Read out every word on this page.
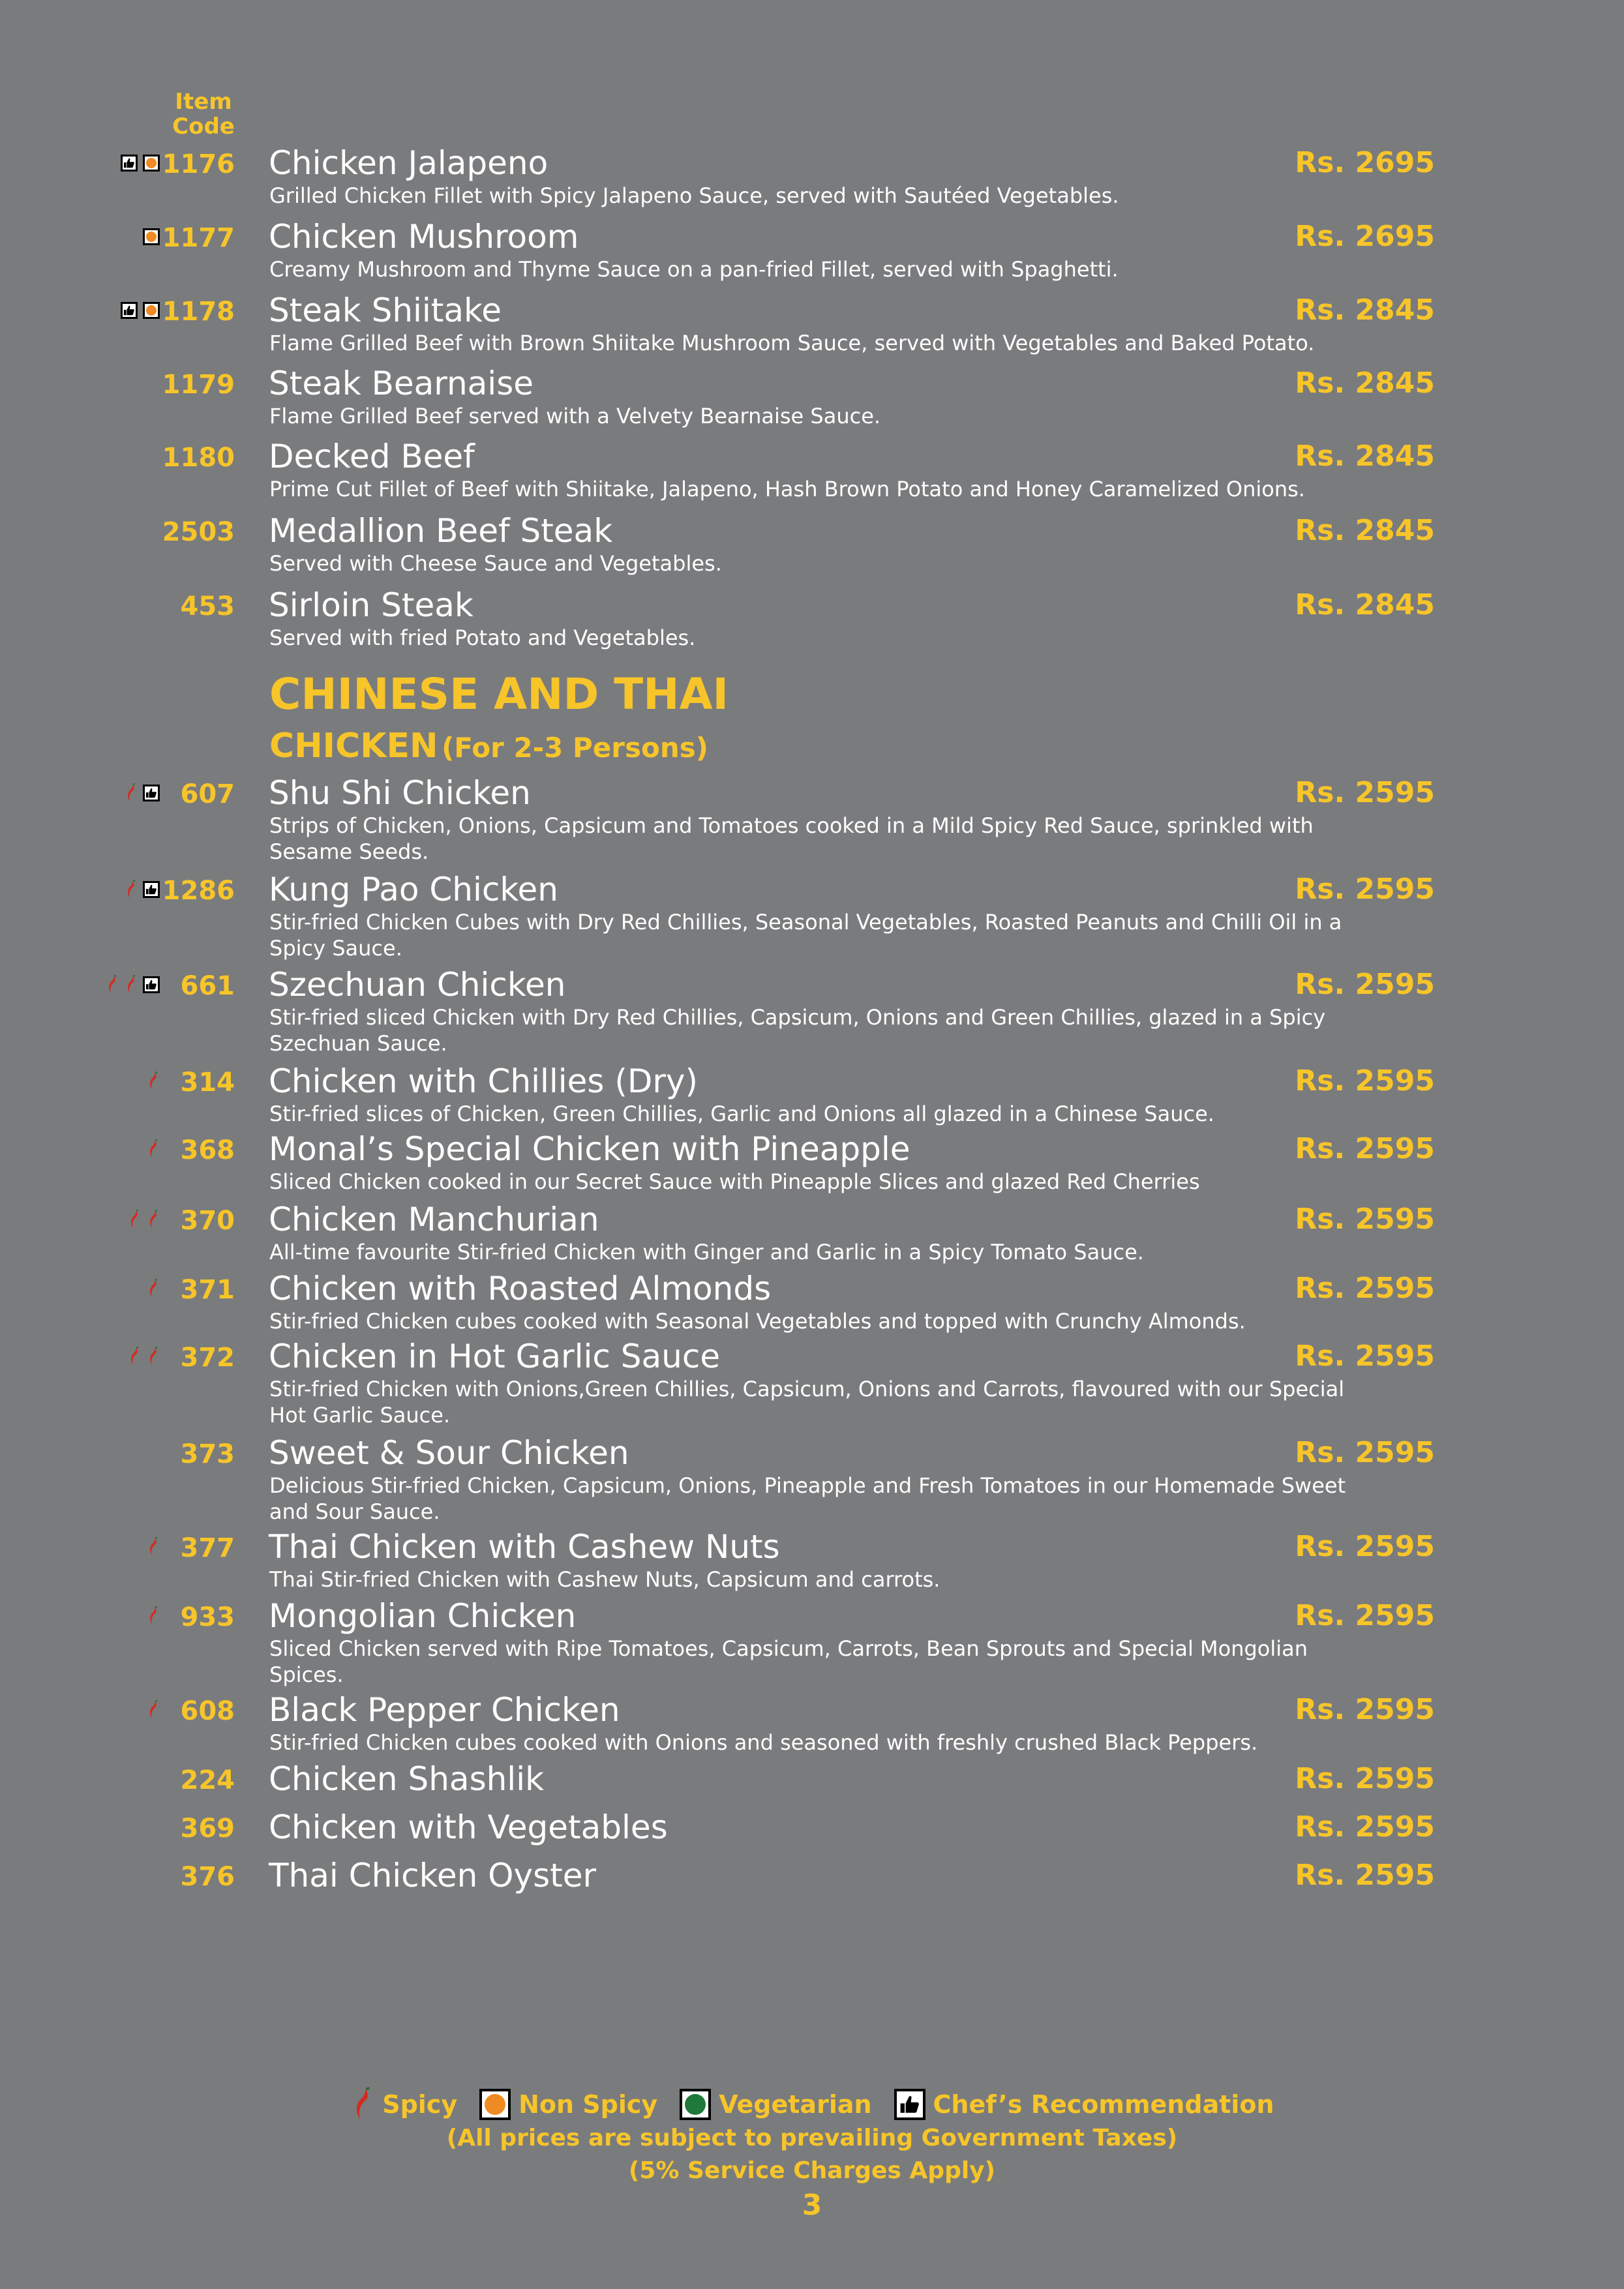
Item Code
1176 Chicken Jalapeno
Grilled Chicken Fillet with Spicy Jalapeno Sauce, served with Sautéed Vegetables.
Rs. 2695
1177 Chicken Mushroom
Creamy Mushroom and Thyme Sauce on a pan-fried Fillet, served with Spaghetti.
Rs. 2695
1178 Steak Shiitake
Flame Grilled Beef with Brown Shiitake Mushroom Sauce, served with Vegetables and Baked Potato.
Rs. 2845
1179 Steak Bearnaise
Flame Grilled Beef served with a Velvety Bearnaise Sauce.
Rs. 2845
1180 Decked Beef
Prime Cut Fillet of Beef with Shiitake, Jalapeno, Hash Brown Potato and Honey Caramelized Onions.
Rs. 2845
2503 Medallion Beef Steak
Served with Cheese Sauce and Vegetables.
Rs. 2845
453 Sirloin Steak
Served with fried Potato and Vegetables.
Rs. 2845
CHINESE AND THAI
CHICKEN (For 2-3 Persons)
607 Shu Shi Chicken
Strips of Chicken, Onions, Capsicum and Tomatoes cooked in a Mild Spicy Red Sauce, sprinkled with Sesame Seeds.
Rs. 2595
1286 Kung Pao Chicken
Stir-fried Chicken Cubes with Dry Red Chillies, Seasonal Vegetables, Roasted Peanuts and Chilli Oil in a Spicy Sauce.
Rs. 2595
661 Szechuan Chicken
Stir-fried sliced Chicken with Dry Red Chillies, Capsicum, Onions and Green Chillies, glazed in a Spicy Szechuan Sauce.
Rs. 2595
314 Chicken with Chillies (Dry)
Stir-fried slices of Chicken, Green Chillies, Garlic and Onions all glazed in a Chinese Sauce.
Rs. 2595
368 Monal’s Special Chicken with Pineapple
Sliced Chicken cooked in our Secret Sauce with Pineapple Slices and glazed Red Cherries
Rs. 2595
370 Chicken Manchurian
All-time favourite Stir-fried Chicken with Ginger and Garlic in a Spicy Tomato Sauce.
Rs. 2595
371 Chicken with Roasted Almonds
Stir-fried Chicken cubes cooked with Seasonal Vegetables and topped with Crunchy Almonds.
Rs. 2595
372 Chicken in Hot Garlic Sauce
Stir-fried Chicken with Onions,Green Chillies, Capsicum, Onions and Carrots, flavoured with our Special Hot Garlic Sauce.
Rs. 2595
373 Sweet & Sour Chicken
Delicious Stir-fried Chicken, Capsicum, Onions, Pineapple and Fresh Tomatoes in our Homemade Sweet and Sour Sauce.
Rs. 2595
377 Thai Chicken with Cashew Nuts
Thai Stir-fried Chicken with Cashew Nuts, Capsicum and carrots.
Rs. 2595
933 Mongolian Chicken
Sliced Chicken served with Ripe Tomatoes, Capsicum, Carrots, Bean Sprouts and Special Mongolian Spices.
Rs. 2595
608 Black Pepper Chicken
Stir-fried Chicken cubes cooked with Onions and seasoned with freshly crushed Black Peppers.
Rs. 2595
224 Chicken Shashlik	Rs. 2595
369 Chicken with Vegetables	Rs. 2595
376 Thai Chicken Oyster	Rs. 2595
Spicy Non Spicy Vegetarian Chef’s Recommendation
(All prices are subject to prevailing Government Taxes)
(5% Service Charges Apply)
3
